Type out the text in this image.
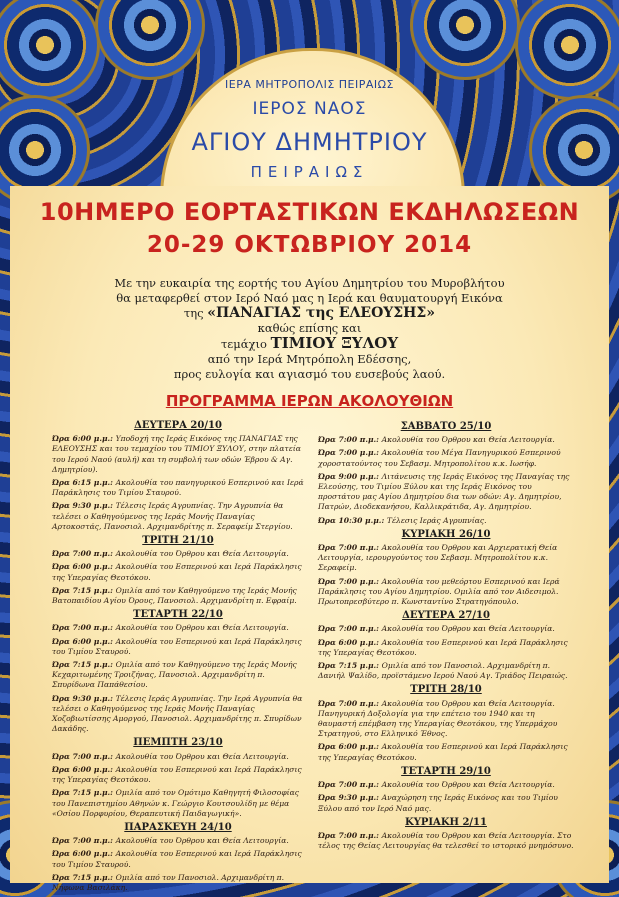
ΙΕΡΑ ΜΗΤΡΟΠΟΛΙΣ ΠΕΙΡΑΙΩΣ
ΙΕΡΟΣ ΝΑΟΣ
ΑΓΙΟΥ ΔΗΜΗΤΡΙΟΥ
ΠΕΙΡΑΙΩΣ
10ΗΜΕΡΟ ΕΟΡΤΑΣΤΙΚΩΝ ΕΚΔΗΛΩΣΕΩΝ
20-29 ΟΚΤΩΒΡΙΟΥ 2014
Με την ευκαιρία της εορτής του Αγίου Δημητρίου του Μυροβλήτου
θα μεταφερθεί στον Ιερό Ναό μας η Ιερά και θαυματουργή Εικόνα
της «ΠΑΝΑΓΙΑΣ της ΕΛΕΟΥΣΗΣ»
καθώς επίσης και
τεμάχιο ΤΙΜΙΟΥ ΞΥΛΟΥ
από την Ιερά Μητρόπολη Εδέσσης,
προς ευλογία και αγιασμό του ευσεβούς λαού.
ΠΡΟΓΡΑΜΜΑ ΙΕΡΩΝ ΑΚΟΛΟΥΘΙΩΝ
ΔΕΥΤΕΡΑ 20/10
Ώρα 6:00 μ.μ.: Υποδοχή της Ιεράς Εικόνος της ΠΑΝΑΓΙΑΣ της ΕΛΕΟΥΣΗΣ και του τεμαχίου του ΤΙΜΙΟΥ ΞΥΛΟΥ, στην πλατεία του Ιερού Ναού (αυλή) και τη συμβολή των οδών Έβρου & Αγ. Δημητρίου).
Ώρα 6:15 μ.μ.: Ακολουθία του πανηγυρικού Εσπερινού και Ιερά Παράκλησις του Τιμίου Σταυρού.
Ώρα 9:30 μ.μ.: Τέλεσις Ιεράς Αγρυπνίας. Την Αγρυπνία θα τελέσει ο Καθηγούμενος της Ιεράς Μονής Παναγίας Αρτοκοστάς, Πανοσιολ. Αρχιμανδρίτης π. Σεραφείμ Στεργίου.
ΤΡΙΤΗ 21/10
Ώρα 7:00 π.μ.: Ακολουθία του Όρθρου και Θεία Λειτουργία.
Ώρα 6:00 μ.μ.: Ακολουθία του Εσπερινού και Ιερά Παράκλησις της Υπεραγίας Θεοτόκου.
Ώρα 7:15 μ.μ.: Ομιλία από τον Καθηγούμενο της Ιεράς Μονής Βατοπαιδίου Αγίου Όρους, Πανοσιολ. Αρχιμανδρίτη π. Εφραίμ.
ΤΕΤΑΡΤΗ 22/10
Ώρα 7:00 π.μ.: Ακολουθία του Όρθρου και Θεία Λειτουργία.
Ώρα 6:00 μ.μ.: Ακολουθία του Εσπερινού και Ιερά Παράκλησις του Τιμίου Σταυρού.
Ώρα 7:15 μ.μ.: Ομιλία από τον Καθηγούμενο της Ιεράς Μονής Κεχαριτωμένης Τροιζήνας, Πανοσιολ. Αρχιμανδρίτη π. Σπυρίδωνα Παπάθεσίου.
Ώρα 9:30 μ.μ.: Τέλεσις Ιεράς Αγρυπνίας. Την Ιερά Αγρυπνία θα τελέσει ο Καθηγούμενος της Ιεράς Μονής Παναγίας Χοζοβιωτίσσης Αμοργού, Πανοσιολ. Αρχιμανδρίτης π. Σπυρίδων Δακάδης.
ΠΕΜΠΤΗ 23/10
Ώρα 7:00 π.μ.: Ακολουθία του Όρθρου και Θεία Λειτουργία.
Ώρα 6:00 μ.μ.: Ακολουθία του Εσπερινού και Ιερά Παράκλησις της Υπεραγίας Θεοτόκου.
Ώρα 7:15 μ.μ.: Ομιλία από τον Ομότιμο Καθηγητή Φιλοσοφίας του Πανεπιστημίου Αθηνών κ. Γεώργιο Κουτσουλίδη με θέμα «Οσίου Πορφυρίου, Θεραπευτική Παιδαγωγική».
ΠΑΡΑΣΚΕΥΗ 24/10
Ώρα 7:00 π.μ.: Ακολουθία του Όρθρου και Θεία Λειτουργία.
Ώρα 6:00 μ.μ.: Ακολουθία του Εσπερινού και Ιερά Παράκλησις του Τιμίου Σταυρού.
Ώρα 7:15 μ.μ.: Ομιλία από τον Πανοσιολ. Αρχιμανδρίτη π. Νήφωνα Βασιλάκη.
ΣΑΒΒΑΤΟ 25/10
Ώρα 7:00 π.μ.: Ακολουθία του Όρθρου και Θεία Λειτουργία.
Ώρα 7:00 μ.μ.: Ακολουθία του Μέγα Πανηγυρικού Εσπερινού χοροστατούντος του Σεβασμ. Μητροπολίτου κ.κ. Ιωσήφ.
Ώρα 9:00 μ.μ.: Λιτάνευσις της Ιεράς Εικόνος της Παναγίας της Ελεούσης, του Τιμίου Ξύλου και της Ιεράς Εικόνος του προστάτου μας Αγίου Δημητρίου δια των οδών: Αγ. Δημητρίου, Πατρών, Διοδεκανήσου, Καλλικράτιδα, Αγ. Δημητρίου.
Ώρα 10:30 μ.μ.: Τέλεσις Ιεράς Αγρυπνίας.
ΚΥΡΙΑΚΗ 26/10
Ώρα 7:00 π.μ.: Ακολουθία του Όρθρου και Αρχιερατική Θεία Λειτουργία, ιερουργούντος του Σεβασμ. Μητροπολίτου κ.κ. Σεραφείμ.
Ώρα 7:00 μ.μ.: Ακολουθία του μεθεόρτου Εσπερινού και Ιερά Παράκλησις του Αγίου Δημητρίου. Ομιλία από τον Αιδεσιμολ. Πρωτοπρεσβύτερο π. Κωνσταντίνο Στρατηγόπουλο.
ΔΕΥΤΕΡΑ 27/10
Ώρα 7:00 π.μ.: Ακολουθία του Όρθρου και Θεία Λειτουργία.
Ώρα 6:00 μ.μ.: Ακολουθία του Εσπερινού και Ιερά Παράκλησις της Υπεραγίας Θεοτόκου.
Ώρα 7:15 μ.μ.: Ομιλία από τον Πανοσιολ. Αρχιμανδρίτη π. Δανιήλ Ψαλίδο, προϊστάμενο Ιερού Ναού Αγ. Τριάδος Πειραιώς.
ΤΡΙΤΗ 28/10
Ώρα 7:00 π.μ.: Ακολουθία του Όρθρου και Θεία Λειτουργία. Πανηγυρική Δοξολογία για την επέτειο του 1940 και τη θαυμαστή επέμβαση της Υπεραγίας Θεοτόκου, της Υπερμάχου Στρατηγού, στο Ελληνικό Έθνος.
Ώρα 6:00 μ.μ.: Ακολουθία του Εσπερινού και Ιερά Παράκλησις της Υπεραγίας Θεοτόκου.
ΤΕΤΑΡΤΗ 29/10
Ώρα 7:00 π.μ.: Ακολουθία του Όρθρου και Θεία Λειτουργία.
Ώρα 9:30 μ.μ.: Αναχώρηση της Ιεράς Εικόνος και του Τιμίου Ξύλου από τον Ιερό Ναό μας.
ΚΥΡΙΑΚΗ 2/11
Ώρα 7:00 π.μ.: Ακολουθία του Όρθρου και Θεία Λειτουργία. Στο τέλος της Θείας Λειτουργίας θα τελεσθεί το ιστορικό μνημόσυνο.
